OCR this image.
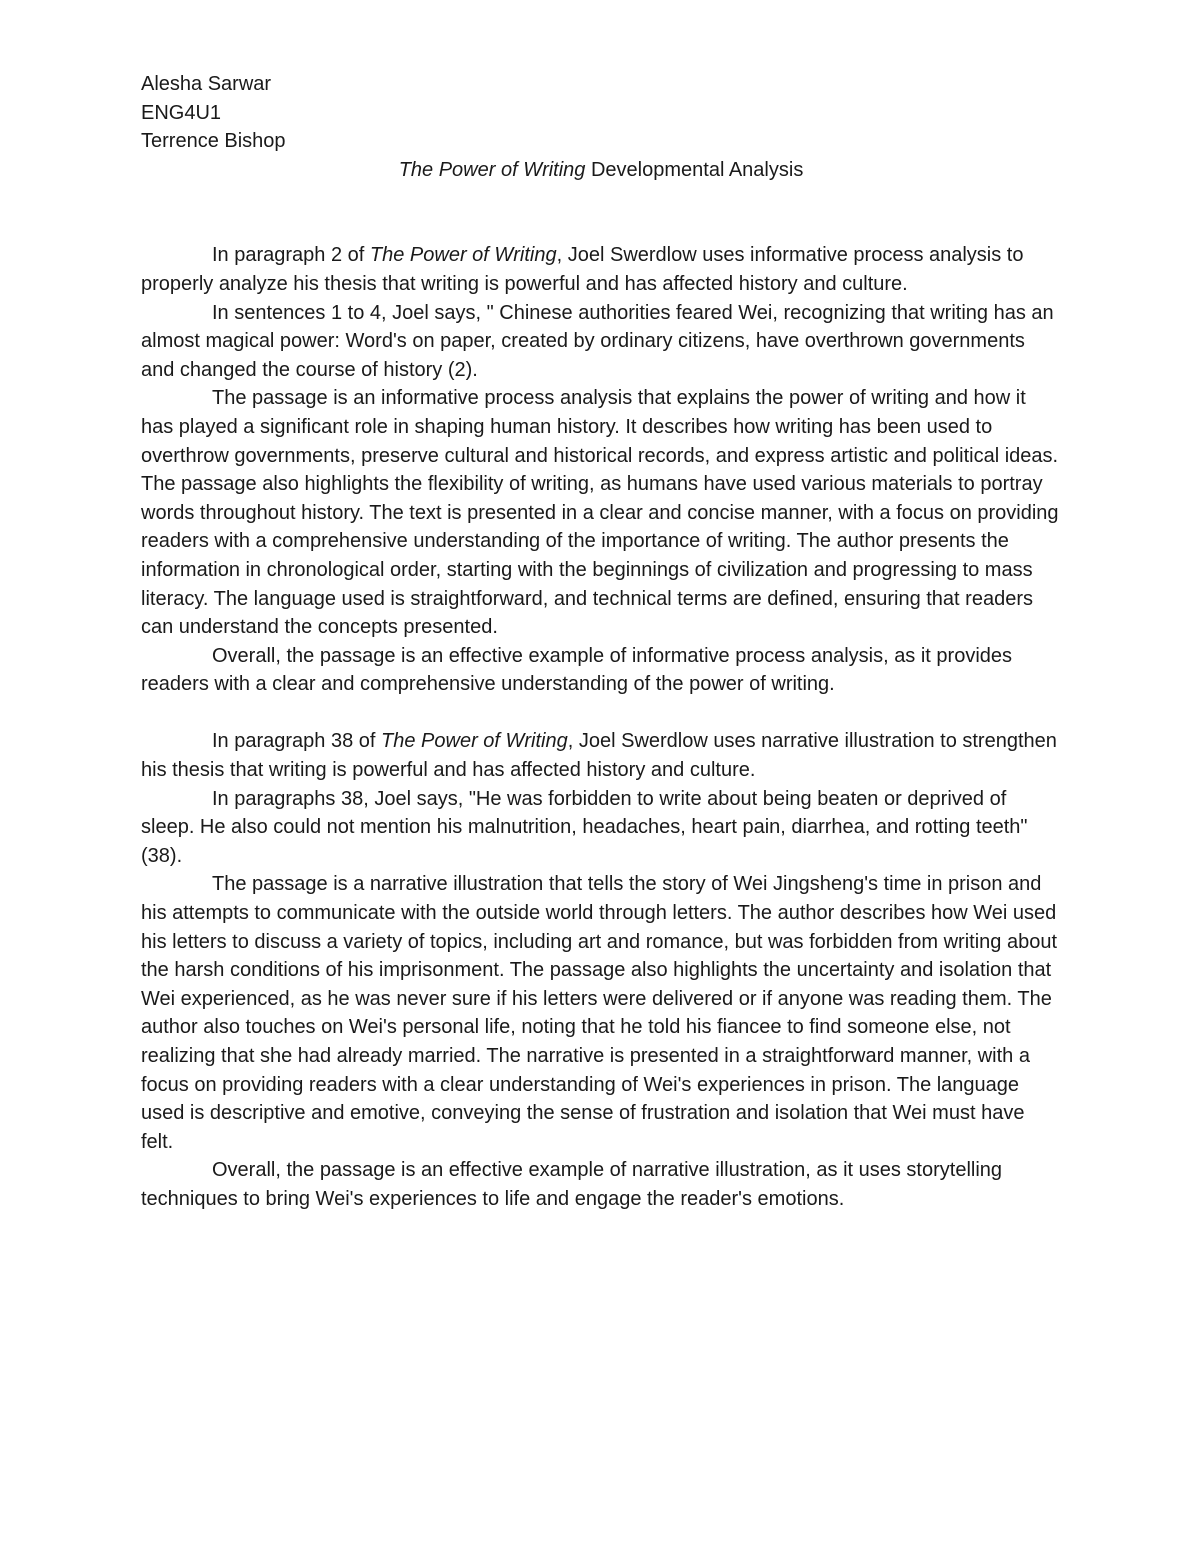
Alesha Sarwar
ENG4U1
Terrence Bishop
The Power of Writing Developmental Analysis

In paragraph 2 of The Power of Writing, Joel Swerdlow uses informative process analysis to properly analyze his thesis that writing is powerful and has affected history and culture.

In sentences 1 to 4, Joel says, " Chinese authorities feared Wei, recognizing that writing has an almost magical power: Word's on paper, created by ordinary citizens, have overthrown governments and changed the course of history (2).

The passage is an informative process analysis that explains the power of writing and how it has played a significant role in shaping human history. It describes how writing has been used to overthrow governments, preserve cultural and historical records, and express artistic and political ideas. The passage also highlights the flexibility of writing, as humans have used various materials to portray words throughout history. The text is presented in a clear and concise manner, with a focus on providing readers with a comprehensive understanding of the importance of writing. The author presents the information in chronological order, starting with the beginnings of civilization and progressing to mass literacy. The language used is straightforward, and technical terms are defined, ensuring that readers can understand the concepts presented.

Overall, the passage is an effective example of informative process analysis, as it provides readers with a clear and comprehensive understanding of the power of writing.

In paragraph 38 of The Power of Writing, Joel Swerdlow uses narrative illustration to strengthen his thesis that writing is powerful and has affected history and culture.

In paragraphs 38, Joel says, "He was forbidden to write about being beaten or deprived of sleep. He also could not mention his malnutrition, headaches, heart pain, diarrhea, and rotting teeth"(38).

The passage is a narrative illustration that tells the story of Wei Jingsheng's time in prison and his attempts to communicate with the outside world through letters. The author describes how Wei used his letters to discuss a variety of topics, including art and romance, but was forbidden from writing about the harsh conditions of his imprisonment. The passage also highlights the uncertainty and isolation that Wei experienced, as he was never sure if his letters were delivered or if anyone was reading them. The author also touches on Wei's personal life, noting that he told his fiancee to find someone else, not realizing that she had already married. The narrative is presented in a straightforward manner, with a focus on providing readers with a clear understanding of Wei's experiences in prison. The language used is descriptive and emotive, conveying the sense of frustration and isolation that Wei must have felt.

Overall, the passage is an effective example of narrative illustration, as it uses storytelling techniques to bring Wei's experiences to life and engage the reader's emotions.
